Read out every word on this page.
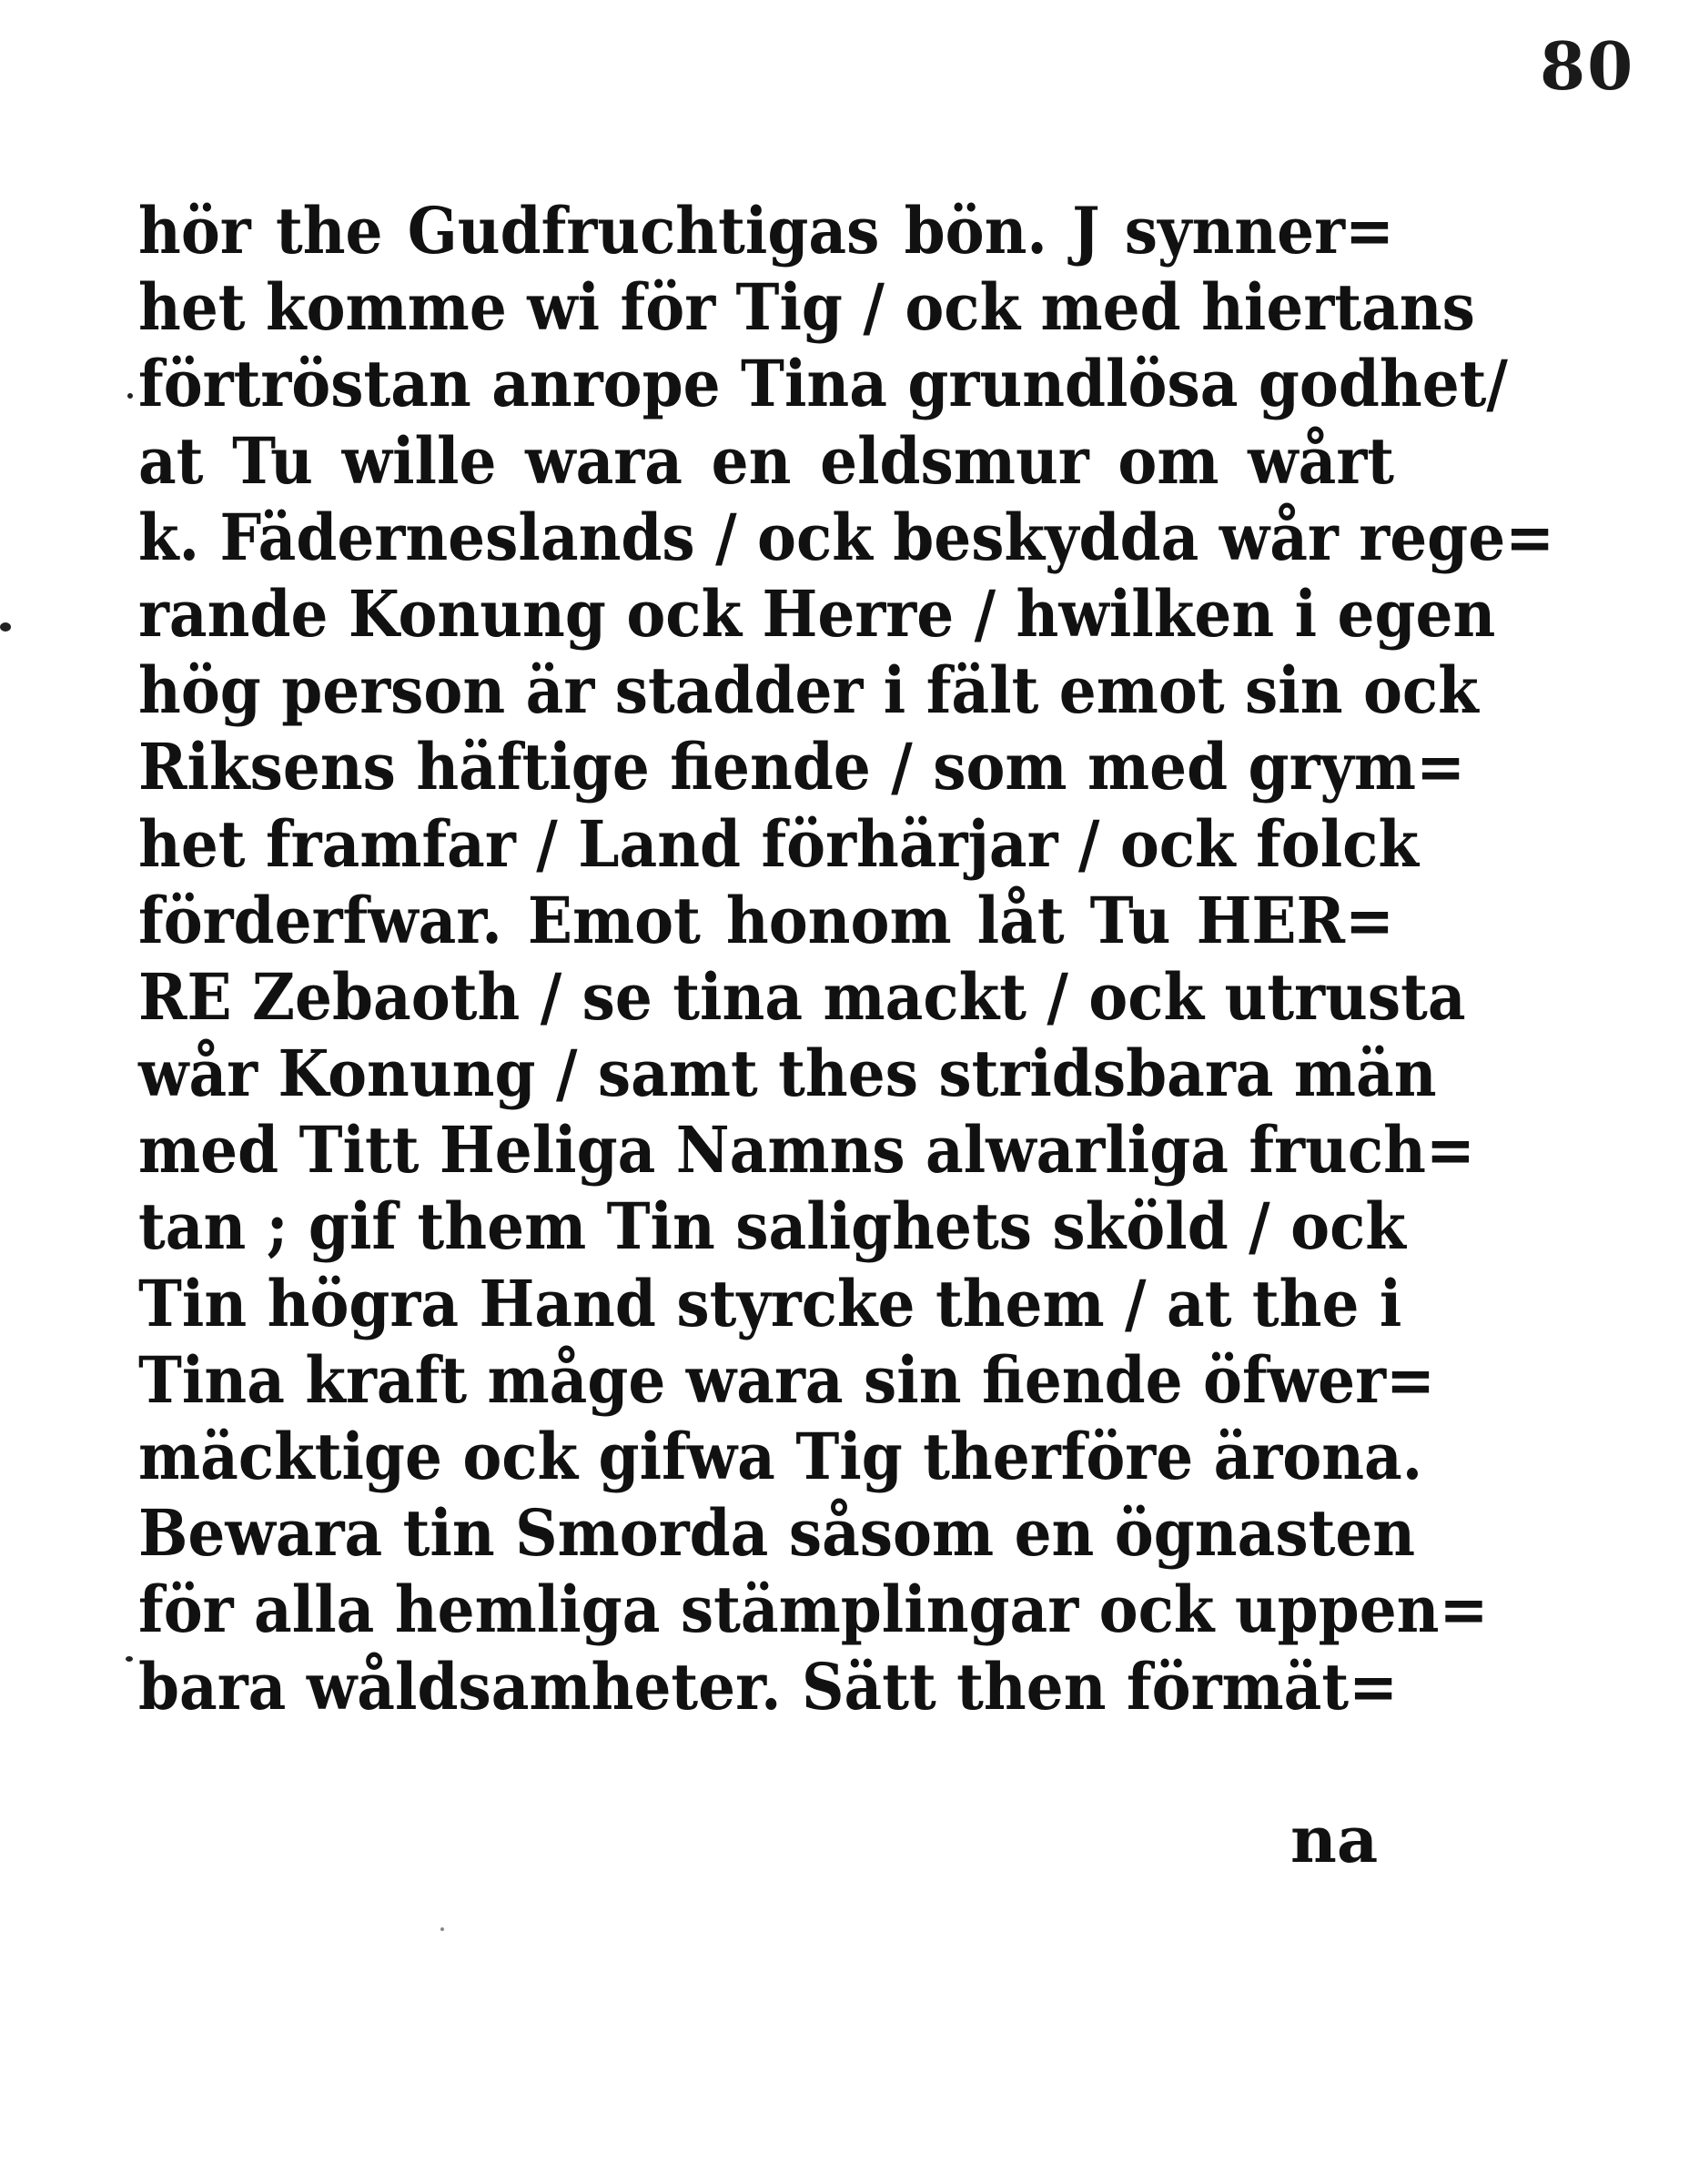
80
hör the Gudfruchtigas bön. J synner=
het komme wi för Tig / ock med hiertans
förtröstan anrope Tina grundlösa godhet/
at Tu wille wara en eldsmur om wårt
k. Fäderneslands / ock beskydda wår rege=
rande Konung ock Herre / hwilken i egen
hög person är stadder i fält emot sin ock
Riksens häftige fiende / som med grym=
het framfar / Land förhärjar / ock folck
förderfwar. Emot honom låt Tu HER=
RE Zebaoth / se tina mackt / ock utrusta
wår Konung / samt thes stridsbara män
med Titt Heliga Namns alwarliga fruch=
tan ; gif them Tin salighets sköld / ock
Tin högra Hand styrcke them / at the i
Tina kraft måge wara sin fiende öfwer=
mäcktige ock gifwa Tig therföre ärona.
Bewara tin Smorda såsom en ögnasten
för alla hemliga stämplingar ock uppen=
bara wåldsamheter. Sätt then förmät=
na
